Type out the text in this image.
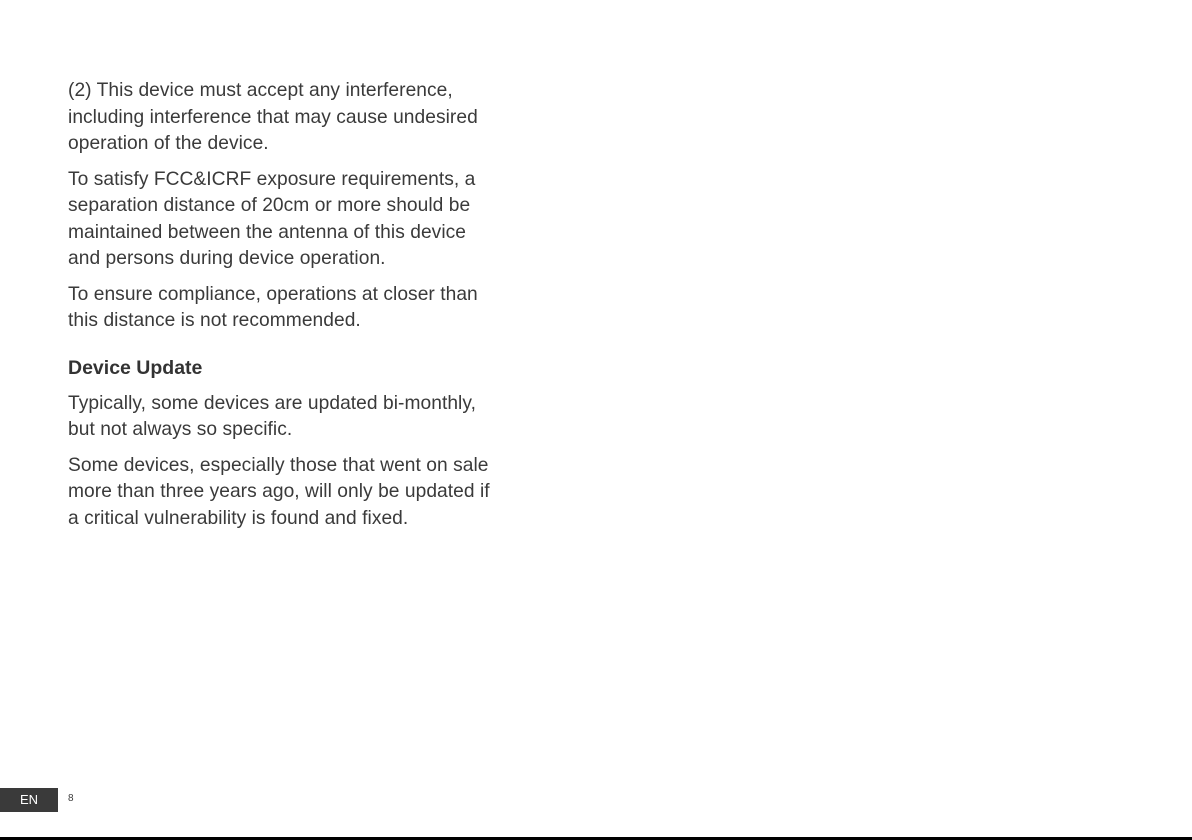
(2) This device must accept any interference,
including interference that may cause undesired
operation of the device.

To satisfy FCC&ICRF exposure requirements, a
separation distance of 20cm or more should be
maintained between the antenna of this device
and persons during device operation.

To ensure compliance, operations at closer than
this distance is not recommended.

Device Update

Typically, some devices are updated bi-monthly,
but not always so specific.

Some devices, especially those that went on sale
more than three years ago, will only be updated if
a critical vulnerability is found and fixed.

EN	8
